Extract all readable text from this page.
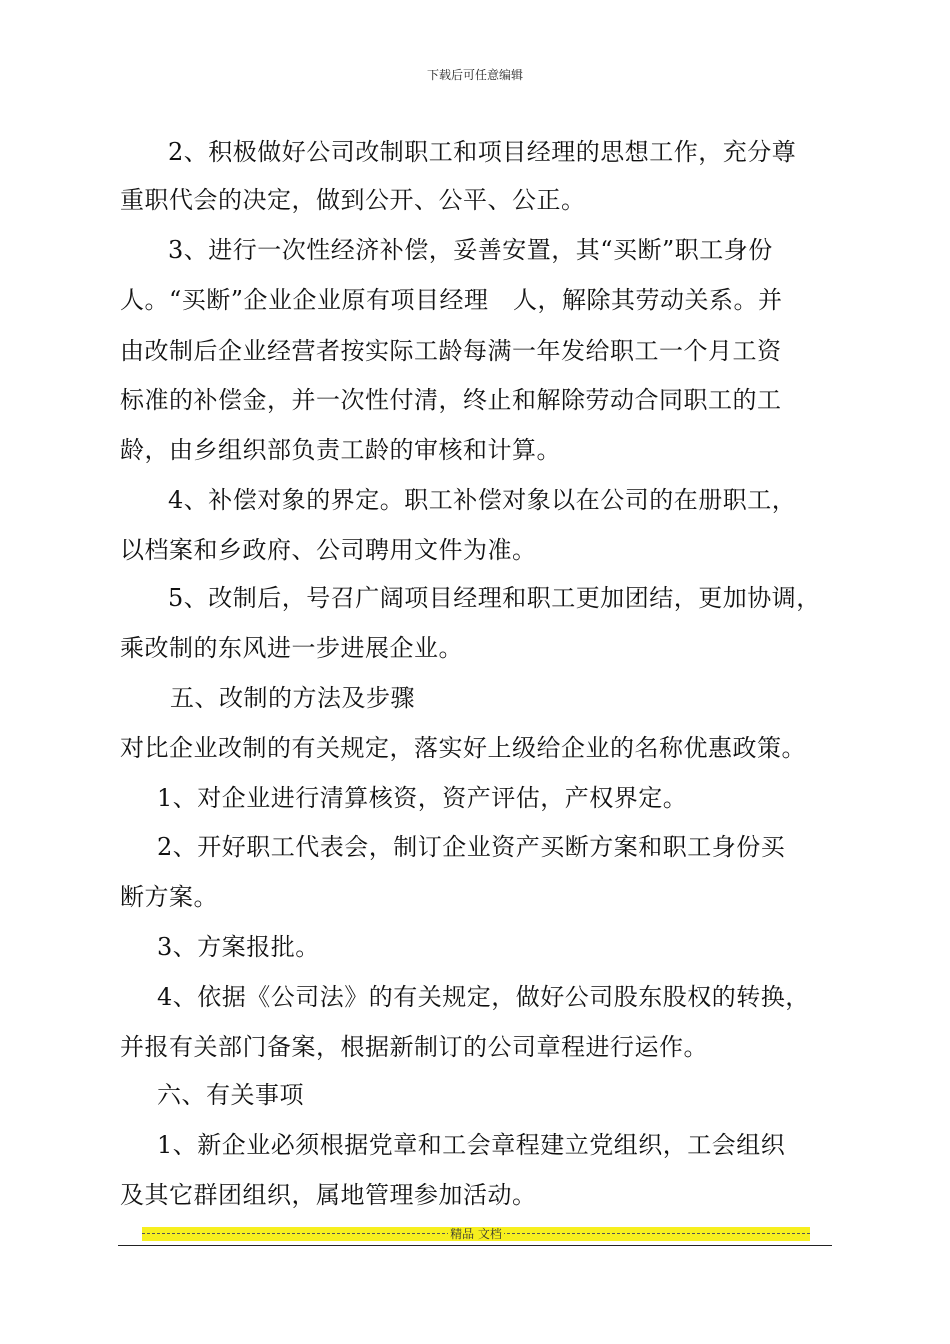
下载后可任意编辑
2、积极做好公司改制职工和项目经理的思想工作，充分尊
重职代会的决定，做到公开、公平、公正。
3、进行一次性经济补偿，妥善安置，其“买断”职工身份
人。“买断”企业企业原有项目经理　人，解除其劳动关系。并
由改制后企业经营者按实际工龄每满一年发给职工一个月工资
标准的补偿金，并一次性付清，终止和解除劳动合同职工的工
龄，由乡组织部负责工龄的审核和计算。
4、补偿对象的界定。职工补偿对象以在公司的在册职工，
以档案和乡政府、公司聘用文件为准。
5、改制后，号召广阔项目经理和职工更加团结，更加协调，
乘改制的东风进一步进展企业。
五、改制的方法及步骤
对比企业改制的有关规定，落实好上级给企业的名称优惠政策。
1、对企业进行清算核资，资产评估，产权界定。
2、开好职工代表会，制订企业资产买断方案和职工身份买
断方案。
3、方案报批。
4、依据《公司法》的有关规定，做好公司股东股权的转换，
并报有关部门备案，根据新制订的公司章程进行运作。
六、有关事项
1、新企业必须根据党章和工会章程建立党组织，工会组织
及其它群团组织，属地管理参加活动。
精品 文档
